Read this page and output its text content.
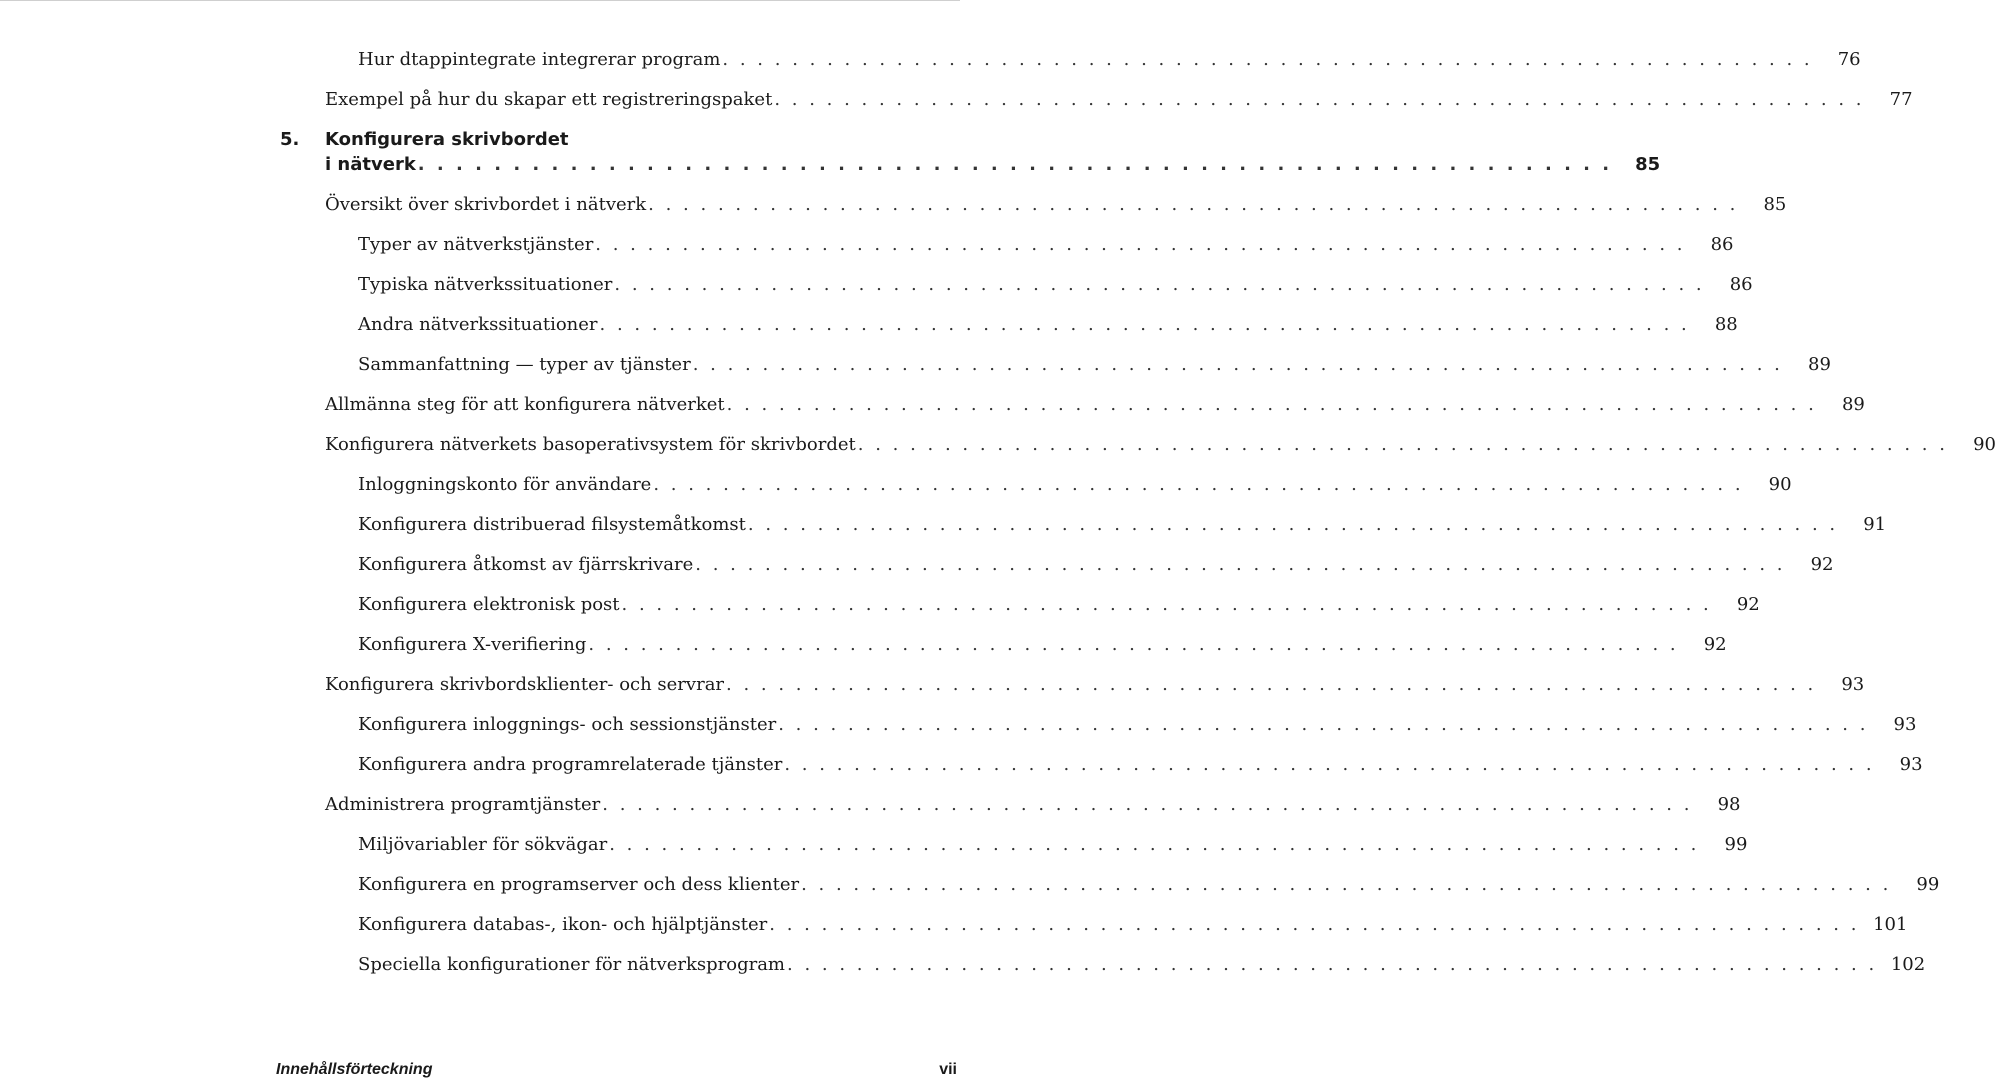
Hur dtappintegrate integrerar program . . . . . . . . . . . . . . . . . . . . . . . . . . . . . . . . . . . . . . . . . . . . . . . . . . . . . . . . . . . . . . .	76
Exempel på hur du skapar ett registreringspaket . . . . . . . . . . . . . . . . . . . . . . . . . . . . . . . . . . . . . . . . . . . . . . . . . . . . . . . . . . . . . . .	77
5. Konfigurera skrivbordet
i nätverk . . . . . . . . . . . . . . . . . . . . . . . . . . . . . . . . . . . . . . . . . . . . . . . . . . . . . . . . . . . . . . .	85
Översikt över skrivbordet i nätverk . . . . . . . . . . . . . . . . . . . . . . . . . . . . . . . . . . . . . . . . . . . . . . . . . . . . . . . . . . . . . . .	85
Typer av nätverkstjänster . . . . . . . . . . . . . . . . . . . . . . . . . . . . . . . . . . . . . . . . . . . . . . . . . . . . . . . . . . . . . . .	86
Typiska nätverkssituationer . . . . . . . . . . . . . . . . . . . . . . . . . . . . . . . . . . . . . . . . . . . . . . . . . . . . . . . . . . . . . . .	86
Andra nätverkssituationer . . . . . . . . . . . . . . . . . . . . . . . . . . . . . . . . . . . . . . . . . . . . . . . . . . . . . . . . . . . . . . .	88
Sammanfattning — typer av tjänster . . . . . . . . . . . . . . . . . . . . . . . . . . . . . . . . . . . . . . . . . . . . . . . . . . . . . . . . . . . . . . .	89
Allmänna steg för att konfigurera nätverket . . . . . . . . . . . . . . . . . . . . . . . . . . . . . . . . . . . . . . . . . . . . . . . . . . . . . . . . . . . . . . .	89
Konfigurera nätverkets basoperativsystem för skrivbordet . . . . . . . . . . . . . . . . . . . . . . . . . . . . . . . . . . . . . . . . . . . . . . . . . . . . . . . . . . . . . . .	90
Inloggningskonto för användare . . . . . . . . . . . . . . . . . . . . . . . . . . . . . . . . . . . . . . . . . . . . . . . . . . . . . . . . . . . . . . .	90
Konfigurera distribuerad filsystemåtkomst . . . . . . . . . . . . . . . . . . . . . . . . . . . . . . . . . . . . . . . . . . . . . . . . . . . . . . . . . . . . . . .	91
Konfigurera åtkomst av fjärrskrivare . . . . . . . . . . . . . . . . . . . . . . . . . . . . . . . . . . . . . . . . . . . . . . . . . . . . . . . . . . . . . . .	92
Konfigurera elektronisk post . . . . . . . . . . . . . . . . . . . . . . . . . . . . . . . . . . . . . . . . . . . . . . . . . . . . . . . . . . . . . . .	92
Konfigurera X-verifiering . . . . . . . . . . . . . . . . . . . . . . . . . . . . . . . . . . . . . . . . . . . . . . . . . . . . . . . . . . . . . . .	92
Konfigurera skrivbordsklienter- och servrar . . . . . . . . . . . . . . . . . . . . . . . . . . . . . . . . . . . . . . . . . . . . . . . . . . . . . . . . . . . . . . .	93
Konfigurera inloggnings- och sessionstjänster . . . . . . . . . . . . . . . . . . . . . . . . . . . . . . . . . . . . . . . . . . . . . . . . . . . . . . . . . . . . . . .	93
Konfigurera andra programrelaterade tjänster . . . . . . . . . . . . . . . . . . . . . . . . . . . . . . . . . . . . . . . . . . . . . . . . . . . . . . . . . . . . . . .	93
Administrera programtjänster . . . . . . . . . . . . . . . . . . . . . . . . . . . . . . . . . . . . . . . . . . . . . . . . . . . . . . . . . . . . . . .	98
Miljövariabler för sökvägar . . . . . . . . . . . . . . . . . . . . . . . . . . . . . . . . . . . . . . . . . . . . . . . . . . . . . . . . . . . . . . .	99
Konfigurera en programserver och dess klienter . . . . . . . . . . . . . . . . . . . . . . . . . . . . . . . . . . . . . . . . . . . . . . . . . . . . . . . . . . . . . . .	99
Konfigurera databas-, ikon- och hjälptjänster . . . . . . . . . . . . . . . . . . . . . . . . . . . . . . . . . . . . . . . . . . . . . . . . . . . . . . . . . . . . . . . 101
Speciella konfigurationer för nätverksprogram . . . . . . . . . . . . . . . . . . . . . . . . . . . . . . . . . . . . . . . . . . . . . . . . . . . . . . . . . . . . . . . 102
Innehållsförteckning	vii
